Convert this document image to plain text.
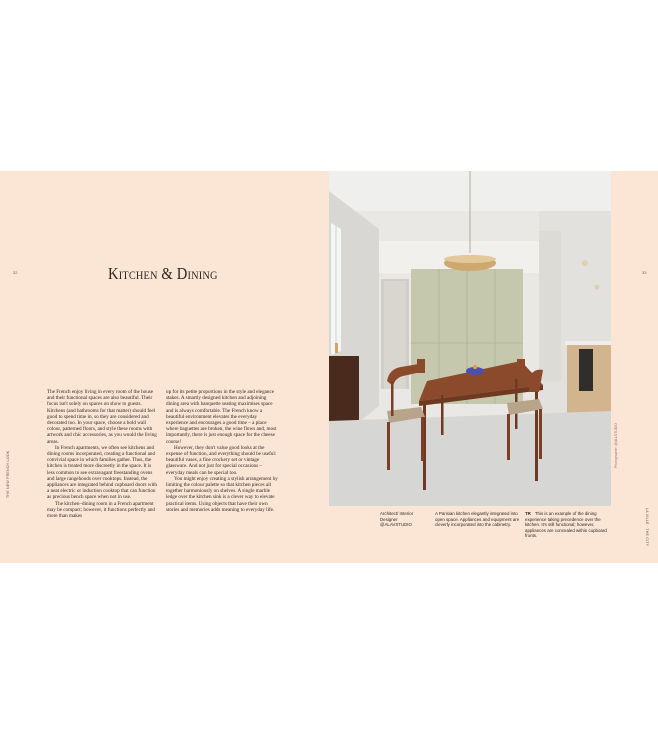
32	33
THE NEW FRENCH LOOK
LA VILLE · THE CITY
Kitchen & Dining

The French enjoy living in every room of the house and their functional spaces are also beautiful. Their focus isn't solely on spaces on show to guests. Kitchens (and bathrooms for that matter) should feel good to spend time in, so they are considered and decorated too. In your space, choose a bold wall colour, patterned floors, and style these rooms with artwork and chic accessories, as you would the living areas.

In French apartments, we often see kitchens and dining rooms incorporated, creating a functional and convivial space in which families gather. Thus, the kitchen is treated more discreetly in the space. It is less common to see extravagant freestanding ovens and large rangehoods over cooktops. Instead, the appliances are integrated behind cupboard doors with a neat electric or induction cooktop that can function as precious bench space when not in use.

The kitchen–dining room in a French apartment may be compact; however, it functions perfectly and more than makes

up for its petite proportions in the style and elegance stakes. A smartly designed kitchen and adjoining dining area with banquette seating maximises space and is always comfortable. The French know a beautiful environment elevates the everyday experience and encourages a good time – a place where baguettes are broken, the wine flows and, most importantly, there is just enough space for the cheese course!

However, they don't value good looks at the expense of function, and everything should be useful: beautiful vases, a fine crockery set or vintage glassware. And not just for special occasions – everyday meals can be special too.

You might enjoy creating a stylish arrangement by limiting the colour palette so that kitchen pieces all together harmoniously on shelves. A single marble ledge over the kitchen sink is a clever way to elevate practical items. Using objects that have their own stories and memories adds meaning to everyday life.

Photographer: @ALLSTUDIO
Architect/ Interior Designer @ALAVSTUDIO
A Parisian kitchen elegantly integrated into open space. Appliances and equipment are cleverly incorporated into the cabinetry.
TR This is an example of the dining experience taking precedence over the kitchen. It's still functional; however, appliances are concealed within cupboard fronts.
